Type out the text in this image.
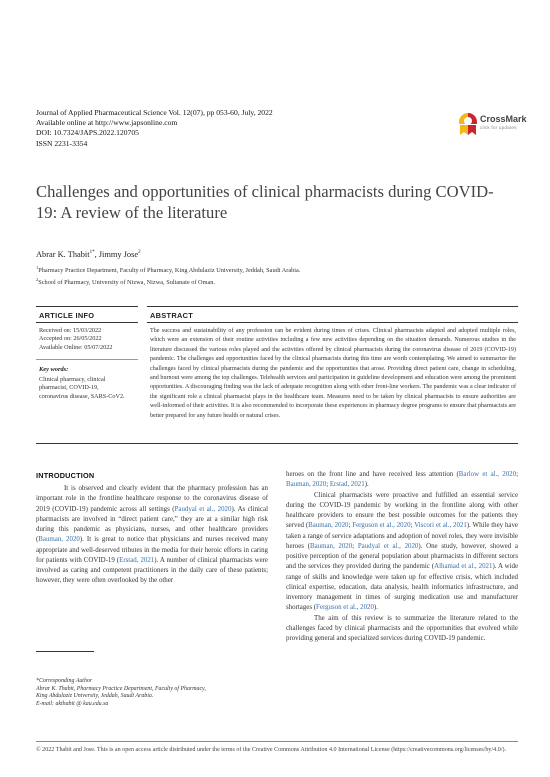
Journal of Applied Pharmaceutical Science Vol. 12(07), pp 053-60, July, 2022
Available online at http://www.japsonline.com
DOI: 10.7324/JAPS.2022.120705
ISSN 2231-3354
CrossMark
click for updates
Challenges and opportunities of clinical pharmacists during COVID-19: A review of the literature
Abrar K. Thabit$^{1*}$, Jimmy Jose$^2$
$^1$Pharmacy Practice Department, Faculty of Pharmacy, King Abdulaziz University, Jeddah, Saudi Arabia.
$^2$School of Pharmacy, University of Nizwa, Nizwa, Sultanate of Oman.
ARTICLE INFO	ABSTRACT
Received on: 15/03/2022
Accepted on: 26/05/2022
Available Online: 05/07/2022
Key words:
Clinical pharmacy, clinical pharmacist, COVID-19, coronavirus disease, SARS-CoV2.
The success and sustainability of any profession can be evident during times of crises. Clinical pharmacists adapted and adopted multiple roles, which were an extension of their routine activities including a few new activities depending on the situation demands. Numerous studies in the literature discussed the various roles played and the activities offered by clinical pharmacists during the coronavirus disease of 2019 (COVID-19) pandemic. The challenges and opportunities faced by the clinical pharmacists during this time are worth contemplating. We aimed to summarize the challenges faced by clinical pharmacists during the pandemic and the opportunities that arose. Providing direct patient care, change in scheduling, and burnout were among the top challenges. Telehealth services and participation in guideline development and education were among the prominent opportunities. A discouraging finding was the lack of adequate recognition along with other front-line workers. The pandemic was a clear indicator of the significant role a clinical pharmacist plays in the healthcare team. Measures need to be taken by clinical pharmacists to ensure authorities are well-informed of their activities. It is also recommended to incorporate these experiences in pharmacy degree programs to ensure that pharmacists are better prepared for any future health or natural crises.
INTRODUCTION

It is observed and clearly evident that the pharmacy profession has an important role in the frontline healthcare response to the coronavirus disease of 2019 (COVID-19) pandemic across all settings (Paudyal et al., 2020). As clinical pharmacists are involved in “direct patient care,” they are at a similar high risk during this pandemic as physicians, nurses, and other healthcare providers (Bauman, 2020). It is great to notice that physicians and nurses received many appropriate and well-deserved tributes in the media for their heroic efforts in caring for patients with COVID-19 (Erstad, 2021). A number of clinical pharmacists were involved as caring and competent practitioners in the daily care of these patients; however, they were often overlooked by the other

heroes on the front line and have received less attention (Barlow et al., 2020; Bauman, 2020; Erstad, 2021).

Clinical pharmacists were proactive and fulfilled an essential service during the COVID-19 pandemic by working in the frontline along with other healthcare providers to ensure the best possible outcomes for the patients they served (Bauman, 2020; Ferguson et al., 2020; Viscori et al., 2021). While they have taken a range of service adaptations and adoption of novel roles, they were invisible heroes (Bauman, 2020; Paudyal et al., 2020). One study, however, showed a positive perception of the general population about pharmacists in different sectors and the services they provided during the pandemic (Alhamad et al., 2021). A wide range of skills and knowledge were taken up for effective crisis, which included clinical expertise, education, data analysis, health informatics infrastructure, and inventory management in times of surging medication use and manufacturer shortages (Ferguson et al., 2020).

The aim of this review is to summarize the literature related to the challenges faced by clinical pharmacists and the opportunities that evolved while providing general and specialized services during COVID-19 pandemic.

*Corresponding Author
Abrar K. Thabit, Pharmacy Practice Department, Faculty of Pharmacy,
King Abdulaziz University, Jeddah, Saudi Arabia.
E-mail: akthabit @ kau.edu.sa
© 2022 Thabit and Jose. This is an open access article distributed under the terms of the Creative Commons Attribution 4.0 International License (https://creativecommons.org/licenses/by/4.0/).
